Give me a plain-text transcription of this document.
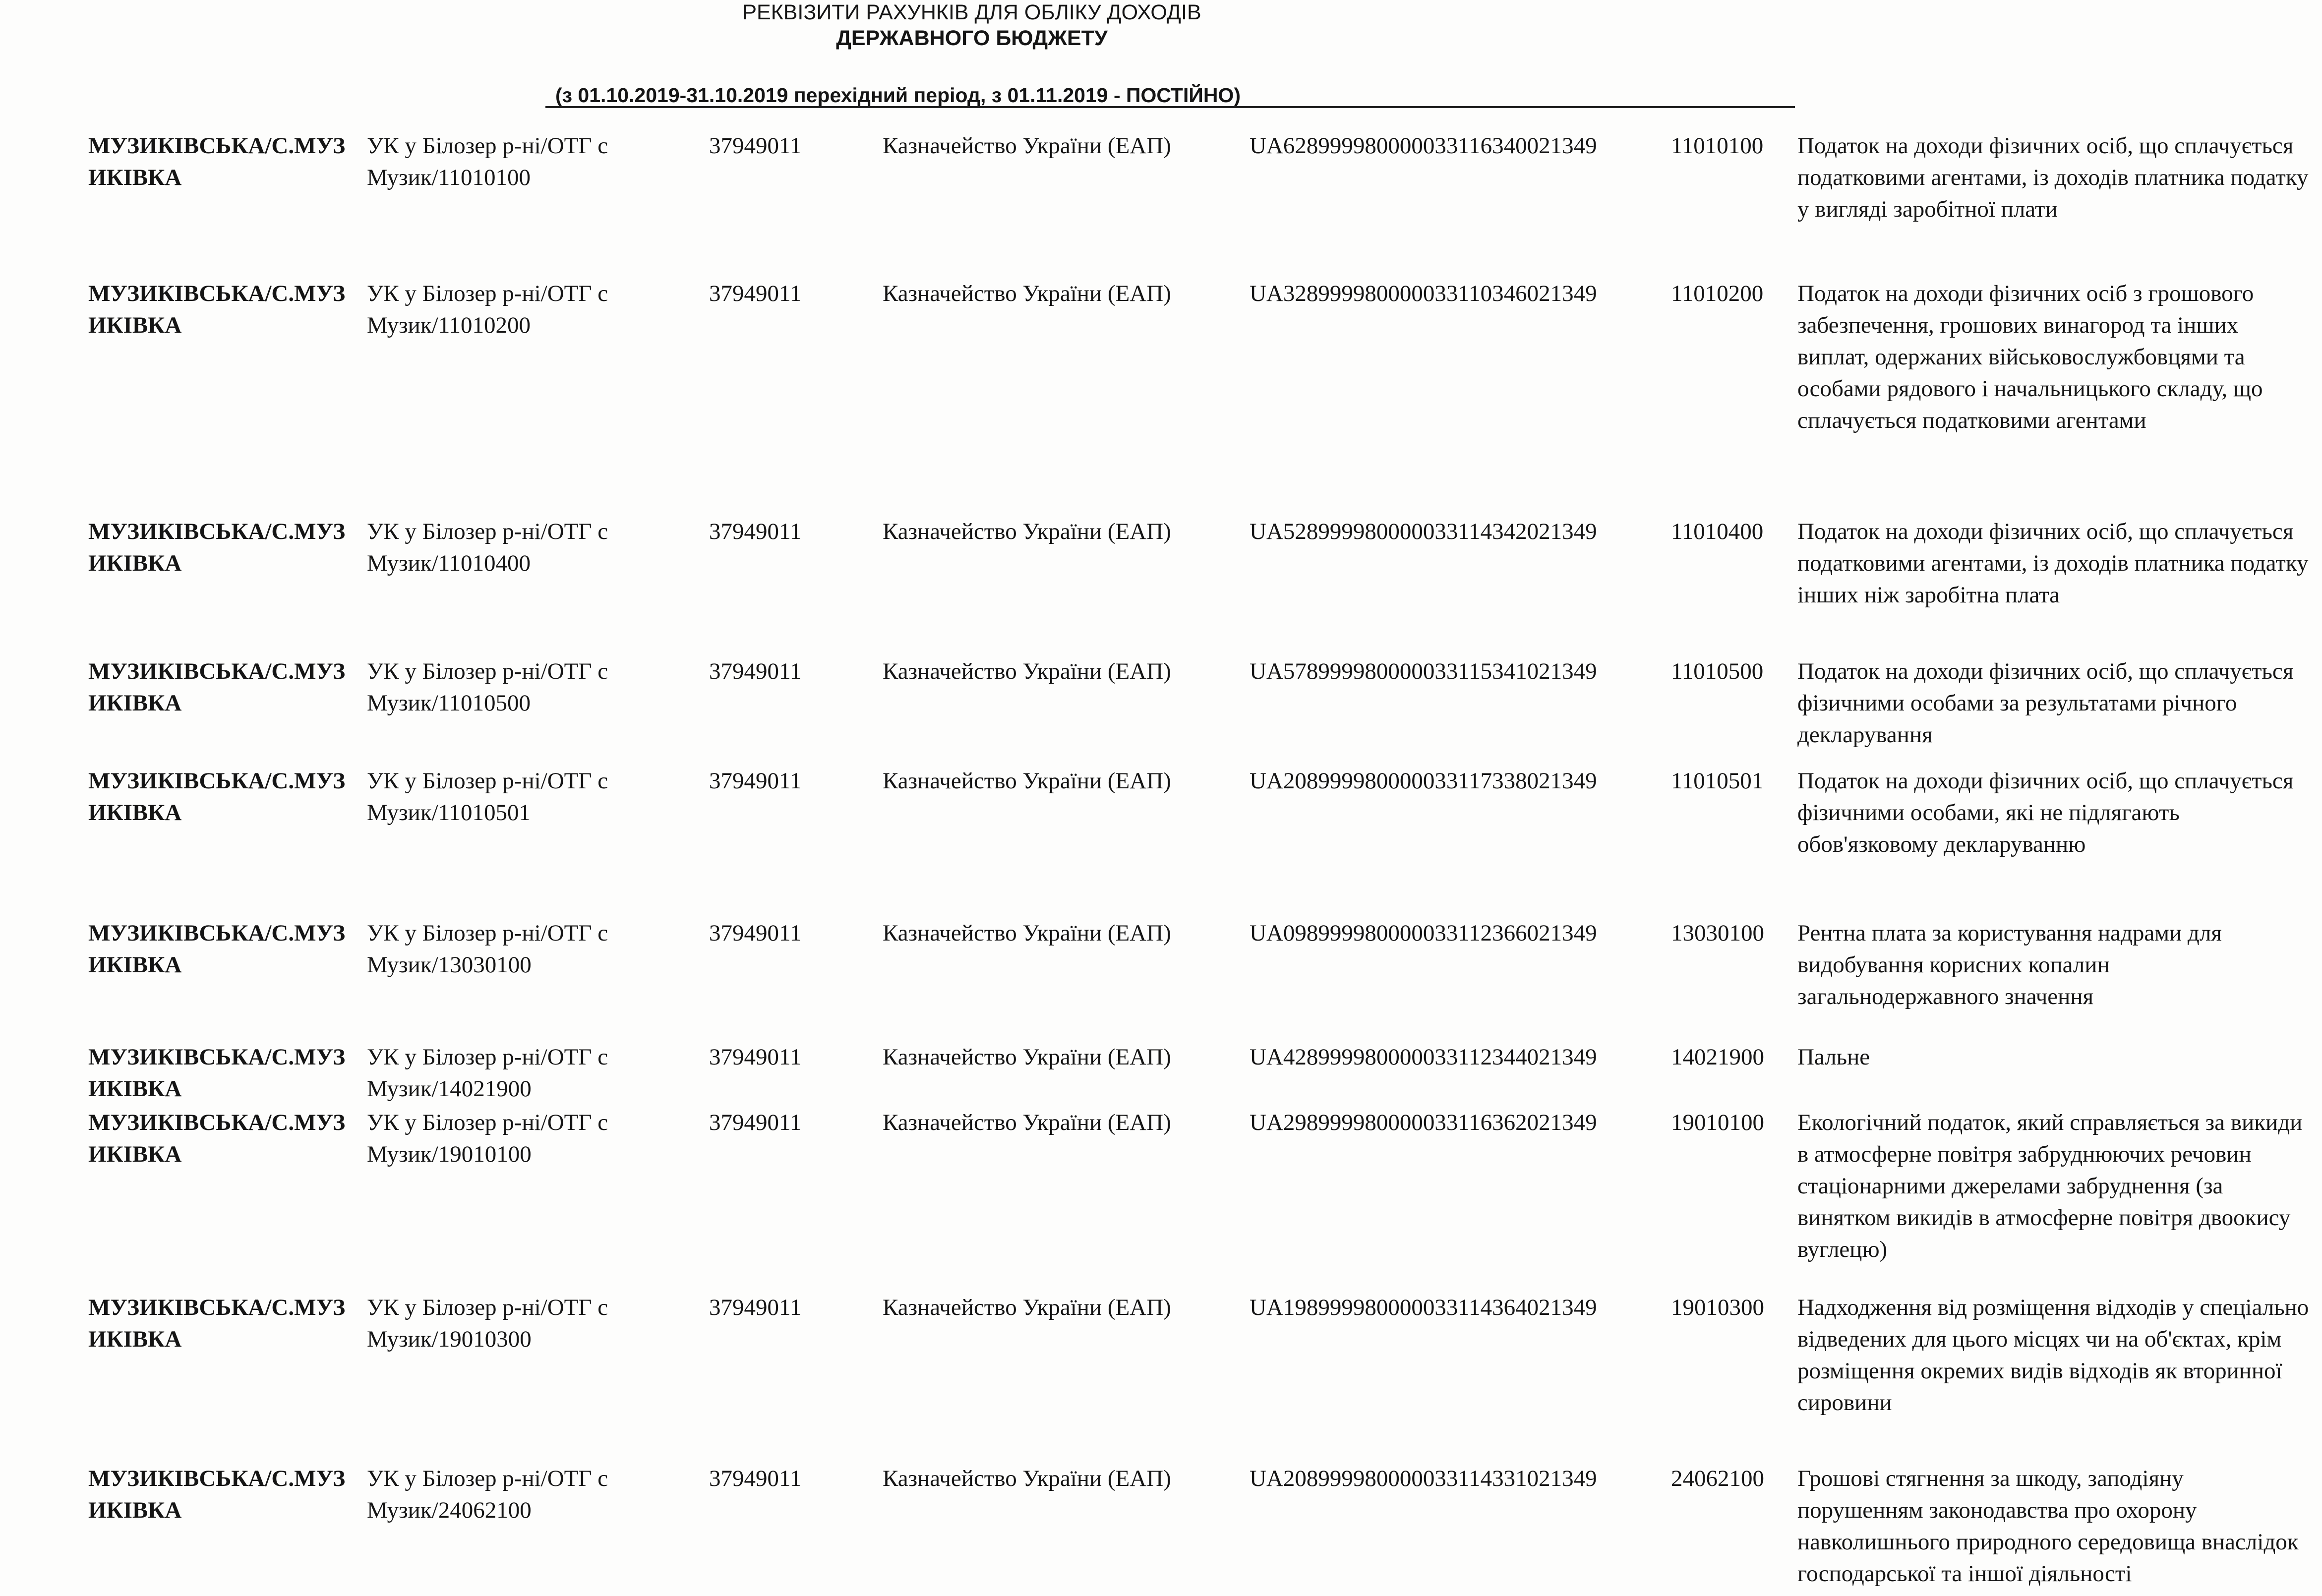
РЕКВІЗИТИ РАХУНКІВ ДЛЯ ОБЛІКУ ДОХОДІВ
ДЕРЖАВНОГО БЮДЖЕТУ
(з 01.10.2019-31.10.2019 перехідний період, з 01.11.2019 - ПОСТІЙНО)
МУЗИКІВСЬКА/С.МУЗИКІВКА
УК у Білозер р-ні/ОТГ с
Музик/11010100
37949011	Казначейство України (ЕАП)	UA628999980000033116340021349	11010100	Податок на доходи фізичних осіб, що сплачується податковими агентами, із доходів платника податку у вигляді заробітної плати
МУЗИКІВСЬКА/С.МУЗИКІВКА
УК у Білозер р-ні/ОТГ с
Музик/11010200
37949011	Казначейство України (ЕАП)	UA328999980000033110346021349	11010200	Податок на доходи фізичних осіб з грошового забезпечення, грошових винагород та інших виплат, одержаних військовослужбовцями та особами рядового і начальницького складу, що сплачується податковими агентами
МУЗИКІВСЬКА/С.МУЗИКІВКА
УК у Білозер р-ні/ОТГ с
Музик/11010400
37949011	Казначейство України (ЕАП)	UA528999980000033114342021349	11010400	Податок на доходи фізичних осіб, що сплачується податковими агентами, із доходів платника податку інших ніж заробітна плата
МУЗИКІВСЬКА/С.МУЗИКІВКА
УК у Білозер р-ні/ОТГ с
Музик/11010500
37949011	Казначейство України (ЕАП)	UA578999980000033115341021349	11010500	Податок на доходи фізичних осіб, що сплачується фізичними особами за результатами річного декларування
МУЗИКІВСЬКА/С.МУЗИКІВКА
УК у Білозер р-ні/ОТГ с
Музик/11010501
37949011	Казначейство України (ЕАП)	UA208999980000033117338021349	11010501	Податок на доходи фізичних осіб, що сплачується фізичними особами, які не підлягають обов'язковому декларуванню
МУЗИКІВСЬКА/С.МУЗИКІВКА
УК у Білозер р-ні/ОТГ с
Музик/13030100
37949011	Казначейство України (ЕАП)	UA098999980000033112366021349	13030100	Рентна плата за користування надрами для видобування корисних копалин загальнодержавного значення
МУЗИКІВСЬКА/С.МУЗИКІВКА
УК у Білозер р-ні/ОТГ с
Музик/14021900
37949011	Казначейство України (ЕАП)	UA428999980000033112344021349	14021900	Пальне
МУЗИКІВСЬКА/С.МУЗИКІВКА
УК у Білозер р-ні/ОТГ с
Музик/19010100
37949011	Казначейство України (ЕАП)	UA298999980000033116362021349	19010100	Екологічний податок, який справляється за викиди в атмосферне повітря забруднюючих речовин стаціонарними джерелами забруднення (за винятком викидів в атмосферне повітря двоокису вуглецю)
МУЗИКІВСЬКА/С.МУЗИКІВКА
УК у Білозер р-ні/ОТГ с
Музик/19010300
37949011	Казначейство України (ЕАП)	UA198999980000033114364021349	19010300	Надходження від розміщення відходів у спеціально відведених для цього місцях чи на об'єктах, крім розміщення окремих видів відходів як вторинної сировини
МУЗИКІВСЬКА/С.МУЗИКІВКА
УК у Білозер р-ні/ОТГ с
Музик/24062100
37949011	Казначейство України (ЕАП)	UA208999980000033114331021349	24062100	Грошові стягнення за шкоду, заподіяну порушенням законодавства про охорону навколишнього природного середовища внаслідок господарської та іншої діяльності
